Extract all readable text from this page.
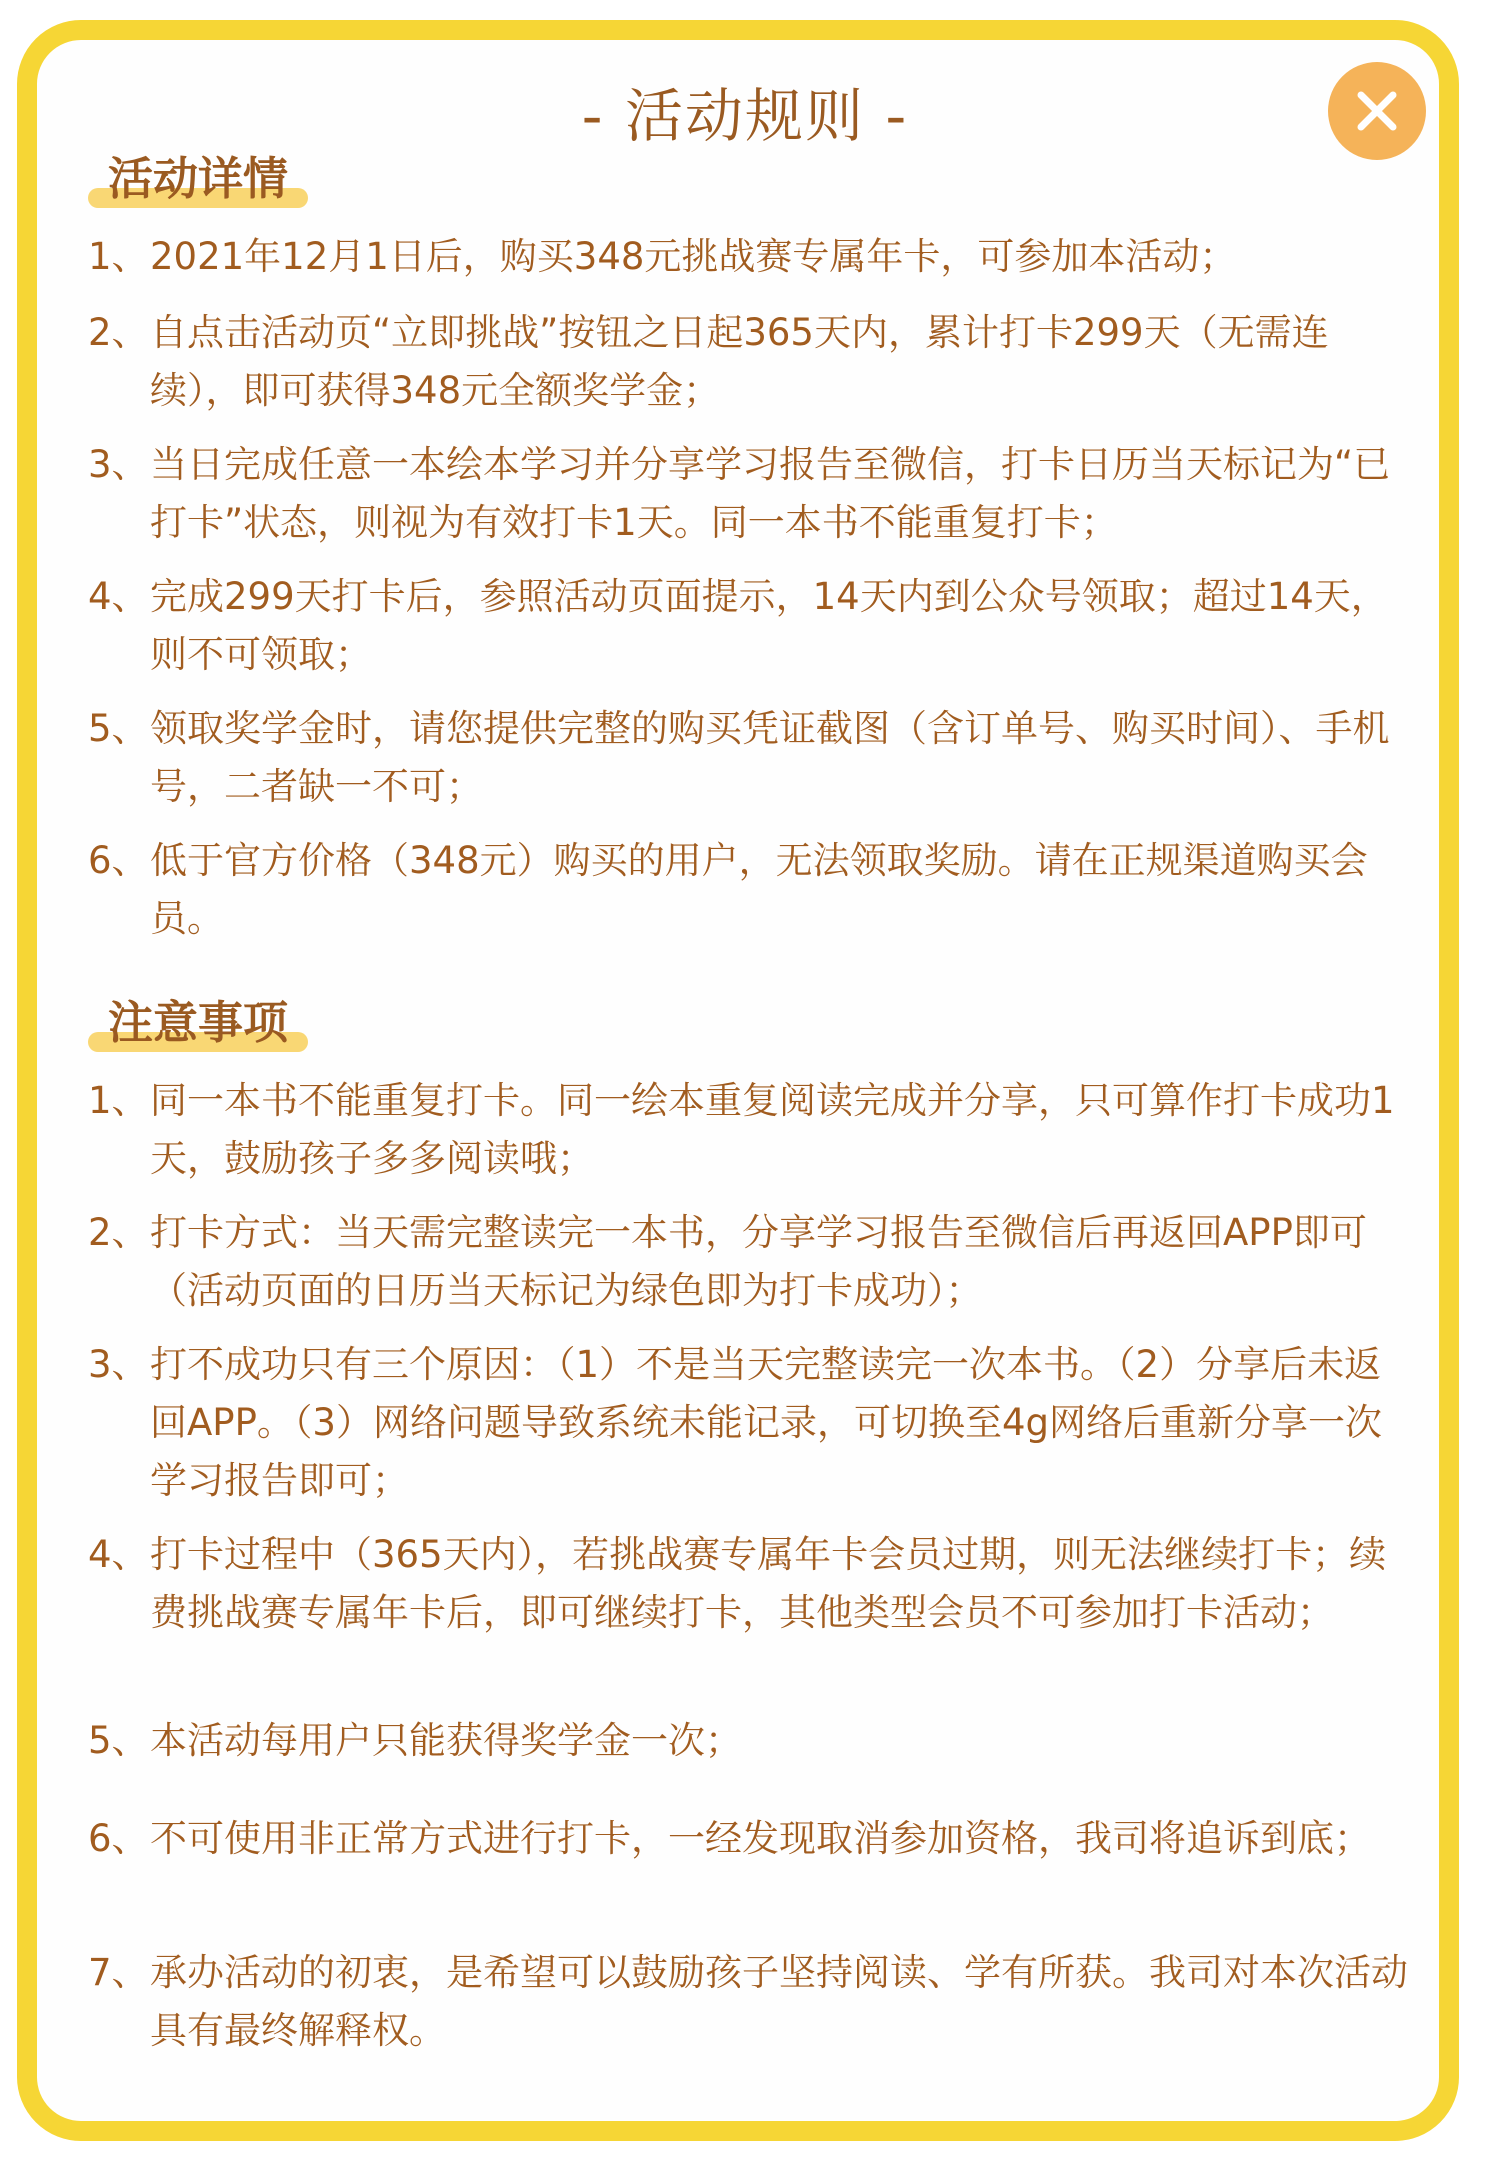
- 活动规则 -
活动详情
1、 2021年12月1日后，购买348元挑战赛专属年卡，可参加本活动；
2、 自点击活动页“立即挑战”按钮之日起365天内，累计打卡299天（无需连续），即可获得348元全额奖学金；
3、 当日完成任意一本绘本学习并分享学习报告至微信，打卡日历当天标记为“已打卡”状态，则视为有效打卡1天。同一本书不能重复打卡；
4、 完成299天打卡后，参照活动页面提示，14天内到公众号领取；超过14天，则不可领取；
5、 领取奖学金时，请您提供完整的购买凭证截图（含订单号、购买时间）、手机号，二者缺一不可；
6、 低于官方价格（348元）购买的用户，无法领取奖励。请在正规渠道购买会员。
注意事项
1、 同一本书不能重复打卡。同一绘本重复阅读完成并分享，只可算作打卡成功1天，鼓励孩子多多阅读哦；
2、 打卡方式：当天需完整读完一本书，分享学习报告至微信后再返回APP即可（活动页面的日历当天标记为绿色即为打卡成功）；
3、 打不成功只有三个原因：（1）不是当天完整读完一次本书。（2）分享后未返回APP。（3）网络问题导致系统未能记录，可切换至4g网络后重新分享一次学习报告即可；
4、 打卡过程中（365天内），若挑战赛专属年卡会员过期，则无法继续打卡；续费挑战赛专属年卡后，即可继续打卡，其他类型会员不可参加打卡活动；
5、 本活动每用户只能获得奖学金一次；
6、 不可使用非正常方式进行打卡，一经发现取消参加资格，我司将追诉到底；
7、 承办活动的初衷，是希望可以鼓励孩子坚持阅读、学有所获。我司对本次活动具有最终解释权。
